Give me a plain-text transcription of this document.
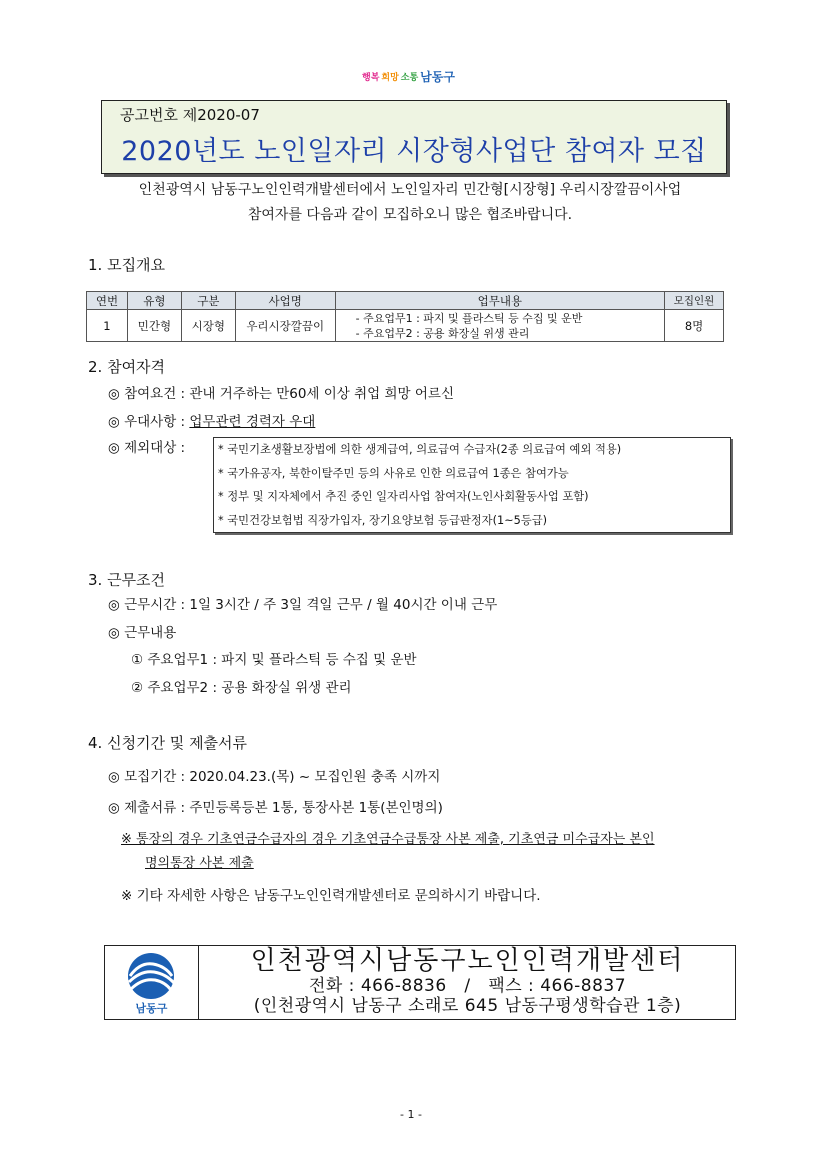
행복 희망 소통 남동구
공고번호 제2020-07
2020년도 노인일자리 시장형사업단 참여자 모집
인천광역시 남동구노인인력개발센터에서 노인일자리 민간형[시장형] 우리시장깔끔이사업
참여자를 다음과 같이 모집하오니 많은 협조바랍니다.
1. 모집개요
연번	유형	구분	사업명	업무내용	모집인원
1	민간형	시장형	우리시장깔끔이	- 주요업무1 : 파지 및 플라스틱 등 수집 및 운반
- 주요업무2 : 공용 화장실 위생 관리	8명
2. 참여자격
◎ 참여요건 : 관내 거주하는 만60세 이상 취업 희망 어르신
◎ 우대사항 : 업무관련 경력자 우대
◎ 제외대상 :	* 국민기초생활보장법에 의한 생계급여, 의료급여 수급자(2종 의료급여 예외 적용)
* 국가유공자, 북한이탈주민 등의 사유로 인한 의료급여 1종은 참여가능
* 정부 및 지자체에서 추진 중인 일자리사업 참여자(노인사회활동사업 포함)
* 국민건강보험법 직장가입자, 장기요양보험 등급판정자(1~5등급)
3. 근무조건
◎ 근무시간 : 1일 3시간 / 주 3일 격일 근무 / 월 40시간 이내 근무
◎ 근무내용
① 주요업무1 : 파지 및 플라스틱 등 수집 및 운반
② 주요업무2 : 공용 화장실 위생 관리
4. 신청기간 및 제출서류
◎ 모집기간 : 2020.04.23.(목) ~ 모집인원 충족 시까지
◎ 제출서류 : 주민등록등본 1통, 통장사본 1통(본인명의)
※ 통장의 경우 기초연금수급자의 경우 기초연금수급통장 사본 제출, 기초연금 미수급자는 본인
명의통장 사본 제출
※ 기타 자세한 사항은 남동구노인인력개발센터로 문의하시기 바랍니다.
남동구
인천광역시남동구노인인력개발센터
전화 : 466-8836   /   팩스 : 466-8837
(인천광역시 남동구 소래로 645 남동구평생학습관 1층)
- 1 -
